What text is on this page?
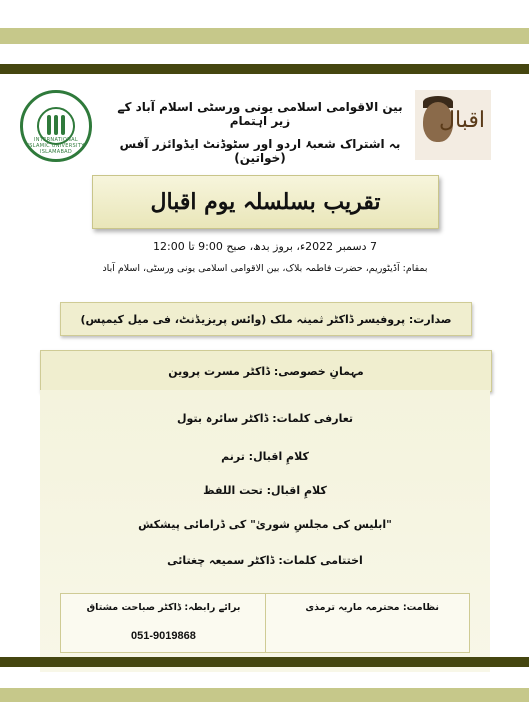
INTERNATIONAL ISLAMIC UNIVERSITY ISLAMABAD
اقبال
بین الاقوامی اسلامی یونی ورسٹی اسلام آباد کے زیر اہتمام
بہ اشتراک شعبۂ اردو اور سٹوڈنٹ ایڈوائزر آفس (خواتین)
تقریب بسلسلہ یوم اقبال
7 دسمبر 2022ء، بروز بدھ، صبح 9:00 تا 12:00
بمقام: آڈیٹوریم، حضرت فاطمہ بلاک، بین الاقوامی اسلامی یونی ورسٹی، اسلام آباد
صدارت: پروفیسر ڈاکٹر ثمینہ ملک (وائس پریزیڈنٹ، فی میل کیمپس)
مہمانِ خصوصی: ڈاکٹر مسرت پروین
تعارفی کلمات: ڈاکٹر سائرہ بتول
کلامِ اقبال: ترنم
کلامِ اقبال: تحت اللفظ
"ابلیس کی مجلسِ شوریٰ" کی ڈرامائی پیشکش
اختتامی کلمات: ڈاکٹر سمیعہ چغتائی
برائے رابطہ: ڈاکٹر صباحت مشتاق
051-9019868
نظامت: محترمہ ماریہ ترمذی
